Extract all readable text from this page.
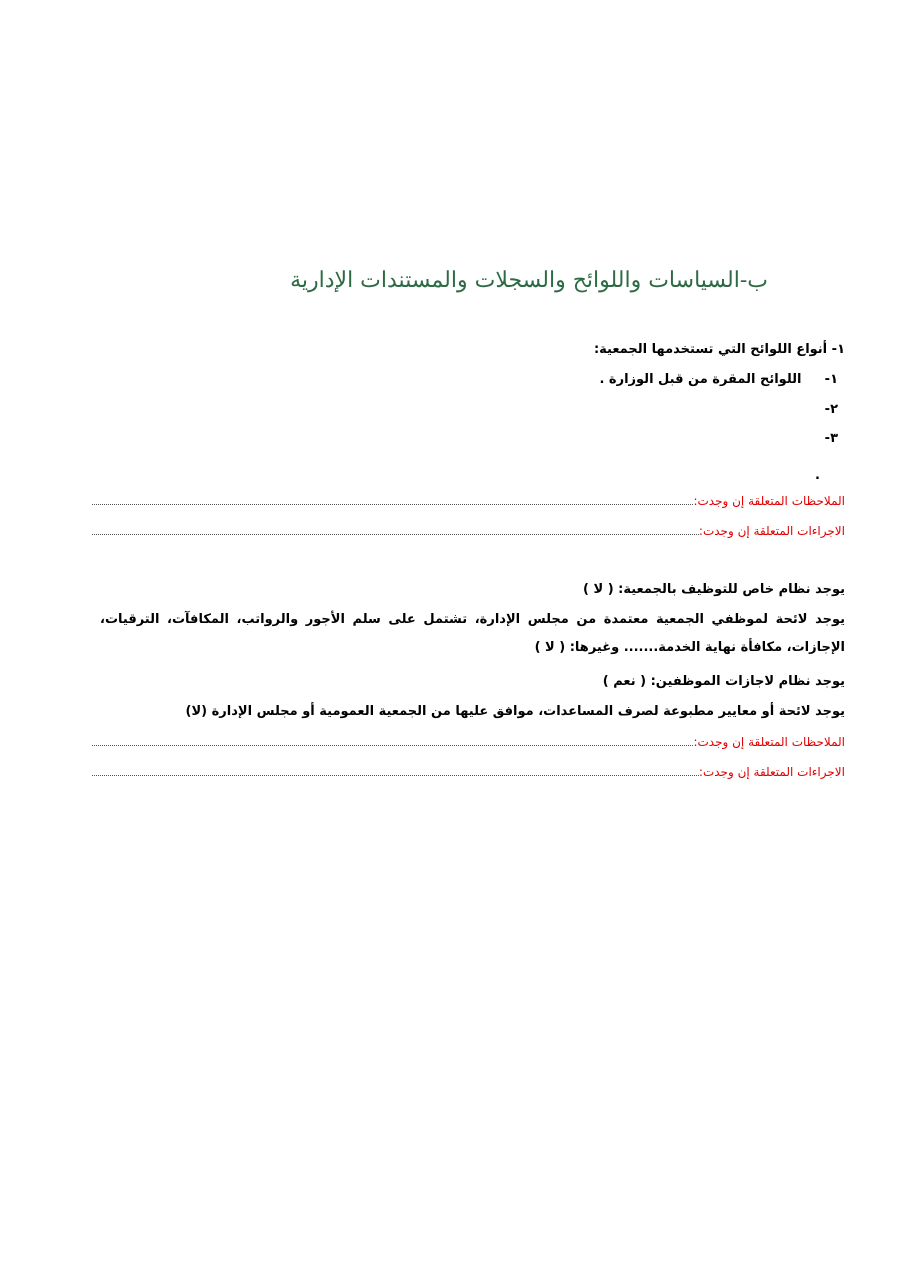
ب-السياسات واللوائح والسجلات والمستندات الإدارية
١- أنواع اللوائح التي تستخدمها الجمعية:
١- اللوائح المقرة من قبل الوزارة .
٢-
٣-
.
الملاحظات المتعلقة إن وجدت:
الاجراءات المتعلقة إن وجدت:
يوجد نظام خاص للتوظيف بالجمعية: ( لا )
يوجد لائحة لموظفي الجمعية معتمدة من مجلس الإدارة، تشتمل على سلم الأجور والرواتب، المكافآت، الترقيات، الإجازات، مكافأة نهاية الخدمة....... وغيرها: ( لا )
يوجد نظام لاجازات الموظفين: ( نعم )
يوجد لائحة أو معايير مطبوعة لصرف المساعدات، موافق عليها من الجمعية العمومية أو مجلس الإدارة (لا)
الملاحظات المتعلقة إن وجدت:
الاجراءات المتعلقة إن وجدت:
